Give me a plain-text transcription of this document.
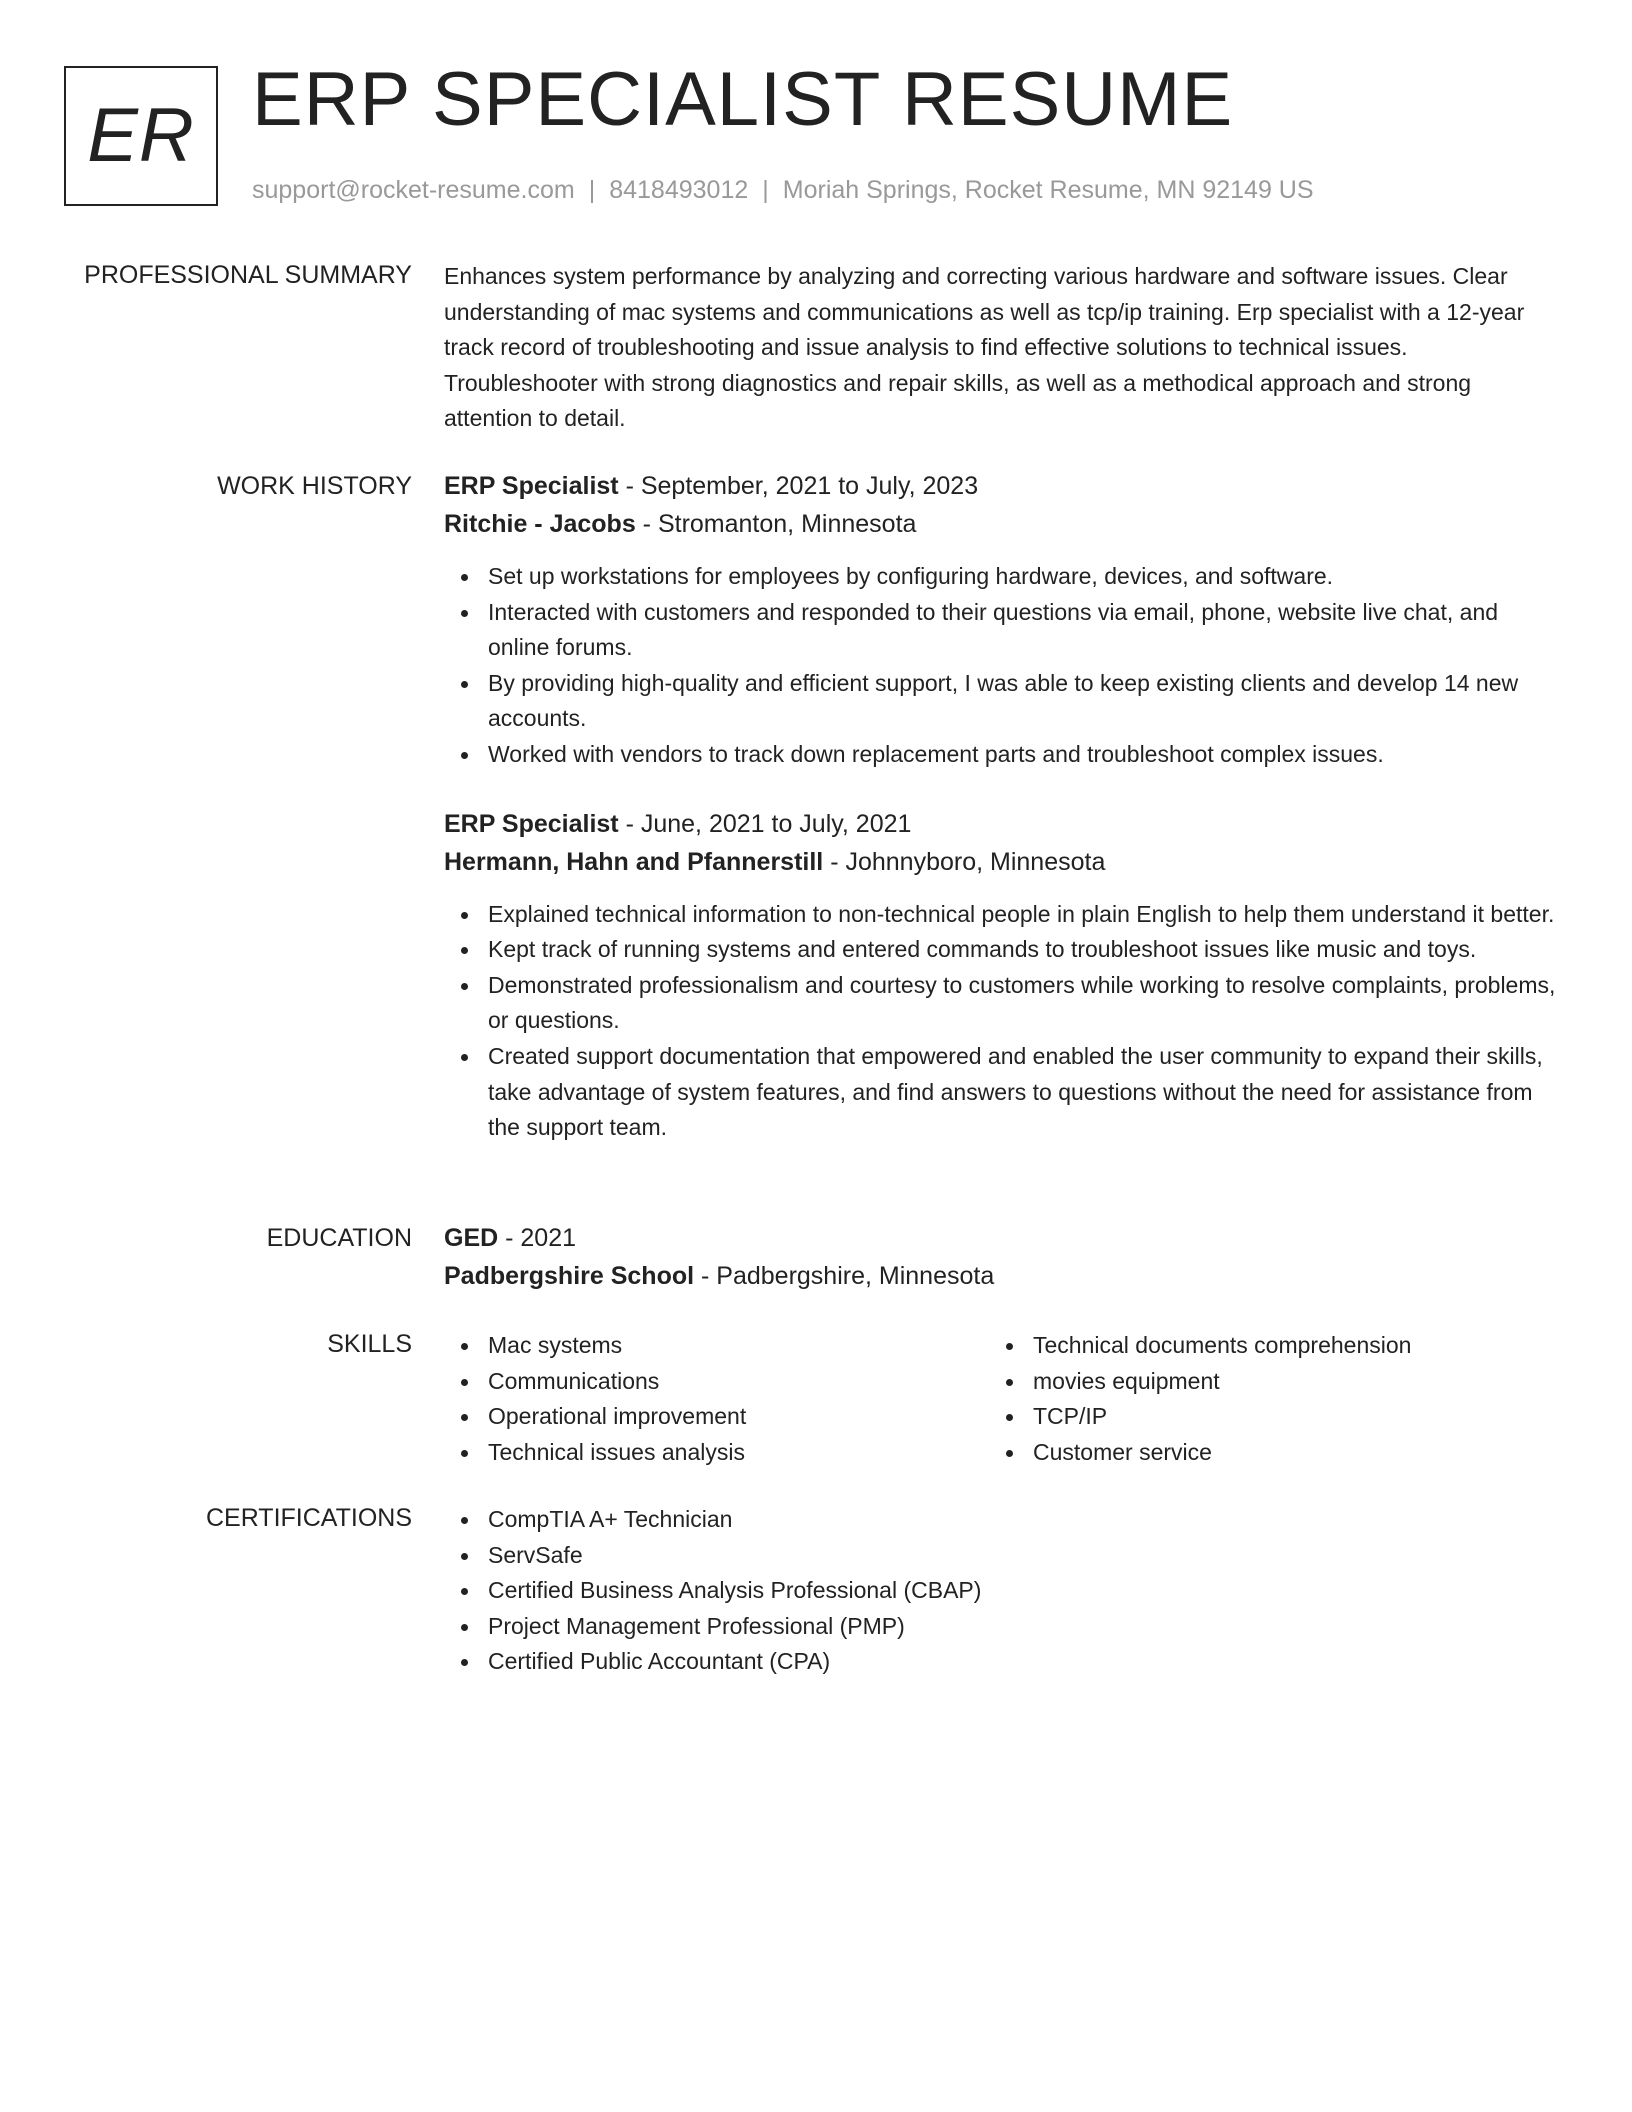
ER ERP SPECIALIST RESUME
support@rocket-resume.com | 8418493012 | Moriah Springs, Rocket Resume, MN 92149 US
PROFESSIONAL SUMMARY Enhances system performance by analyzing and correcting various hardware and software issues. Clear understanding of mac systems and communications as well as tcp/ip training. Erp specialist with a 12-year track record of troubleshooting and issue analysis to find effective solutions to technical issues. Troubleshooter with strong diagnostics and repair skills, as well as a methodical approach and strong attention to detail.

WORK HISTORY ERP Specialist - September, 2021 to July, 2023

Ritchie - Jacobs - Stromanton, Minnesota

Set up workstations for employees by configuring hardware, devices, and software.
Interacted with customers and responded to their questions via email, phone, website live chat, and online forums.
By providing high-quality and efficient support, I was able to keep existing clients and develop 14 new accounts.
Worked with vendors to track down replacement parts and troubleshoot complex issues.

ERP Specialist - June, 2021 to July, 2021

Hermann, Hahn and Pfannerstill - Johnnyboro, Minnesota

Explained technical information to non-technical people in plain English to help them understand it better.
Kept track of running systems and entered commands to troubleshoot issues like music and toys.
Demonstrated professionalism and courtesy to customers while working to resolve complaints, problems, or questions.
Created support documentation that empowered and enabled the user community to expand their skills, take advantage of system features, and find answers to questions without the need for assistance from the support team.
EDUCATION GED - 2021

Padbergshire School - Padbergshire, Minnesota

SKILLS	Mac systems
Communications
Operational improvement
Technical issues analysis
Technical documents comprehension
movies equipment
TCP/IP
Customer service
CERTIFICATIONS	CompTIA A+ Technician
ServSafe
Certified Business Analysis Professional (CBAP)
Project Management Professional (PMP)
Certified Public Accountant (CPA)
